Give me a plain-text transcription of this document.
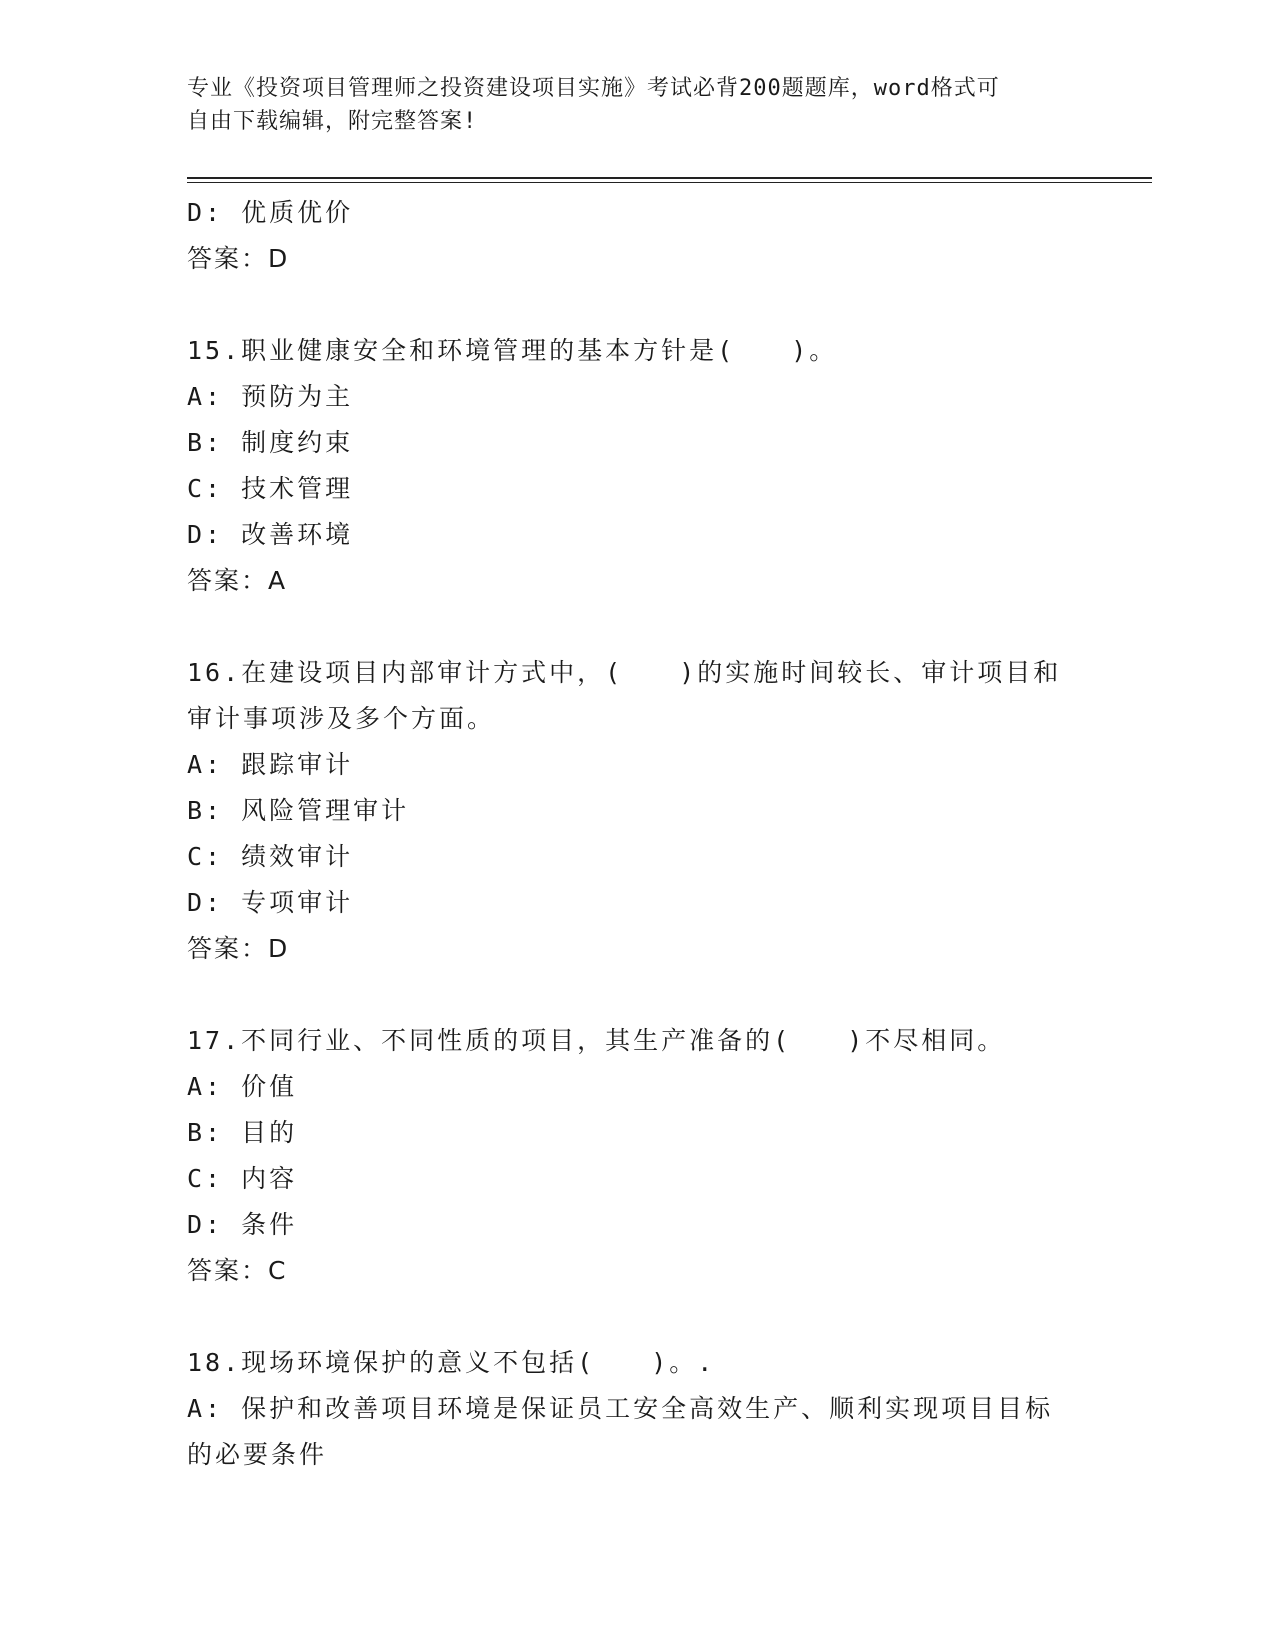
专业《投资项目管理师之投资建设项目实施》考试必背200题题库，word格式可
自由下载编辑，附完整答案!
D: 优质优价
答案：D
15.职业健康安全和环境管理的基本方针是(　　)。
A: 预防为主
B: 制度约束
C: 技术管理
D: 改善环境
答案：A
16.在建设项目内部审计方式中，(　　)的实施时间较长、审计项目和
审计事项涉及多个方面。
A: 跟踪审计
B: 风险管理审计
C: 绩效审计
D: 专项审计
答案：D
17.不同行业、不同性质的项目，其生产准备的(　　)不尽相同。
A: 价值
B: 目的
C: 内容
D: 条件
答案：C
18.现场环境保护的意义不包括(　　)。.
A: 保护和改善项目环境是保证员工安全高效生产、顺利实现项目目标
的必要条件
